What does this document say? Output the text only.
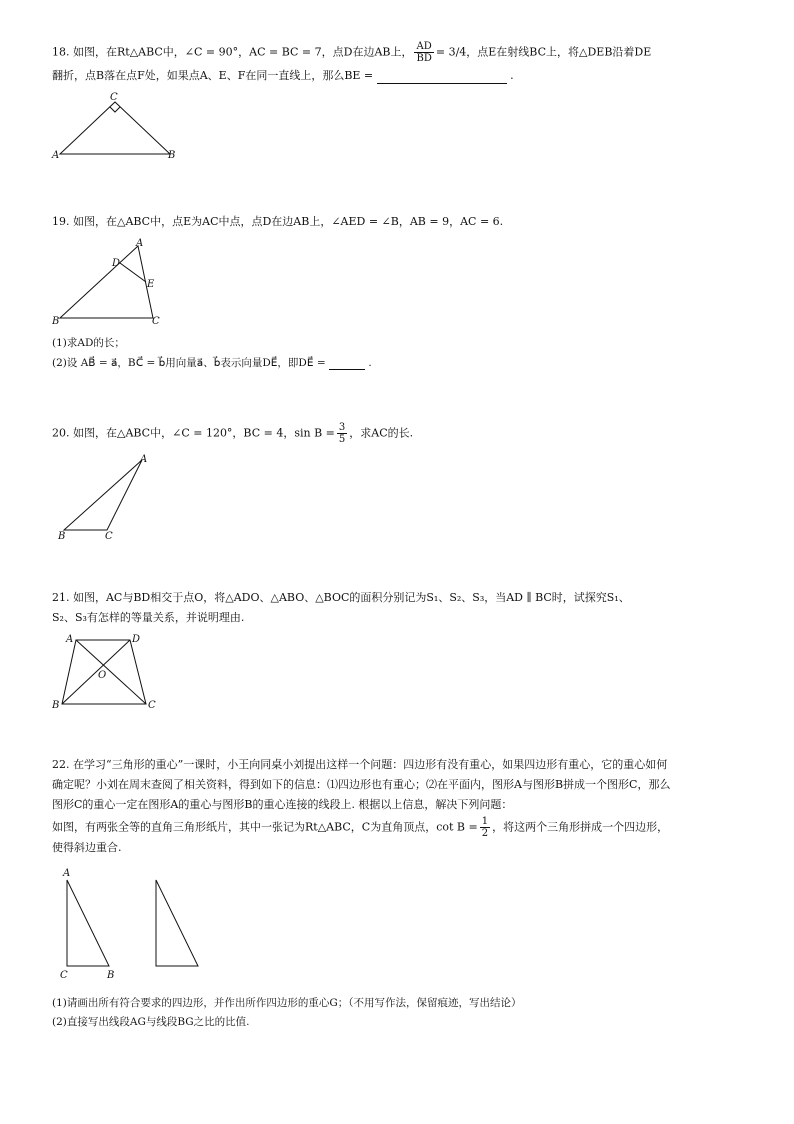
18. 如图，在Rt△ABC中，∠C = 90°，AC = BC = 7，点D在边AB上， $\frac{AD}{BD} = 3/4$，点E在射线BC上，将△DEB沿着DE
翻折，点B落在点F处，如果点A、E、F在同一直线上，那么BE =	.
C
A	B
19. 如图，在△ABC中，点E为AC中点，点D在边AB上，∠AED = ∠B，AB = 9，AC = 6.
A
D
E
B	C
(1)求AD的长；
(2)设 AB⃗ = a⃗，BC⃗ = b⃗用向量a⃗、b⃗表示向量DE⃗，即DE⃗ =	.
20. 如图，在△ABC中，∠C = 120°，BC = 4，$\sin B = \frac{3}{5}$ ，求AC的长.
A
B	C
21. 如图，AC与BD相交于点O，将△ADO、△ABO、△BOC的面积分别记为S₁、S₂、S₃，当AD ∥ BC时，试探究S₁、
S₂、S₃有怎样的等量关系，并说明理由.
A	D
O
B	C
22. 在学习“三角形的重心”一课时，小王向同桌小刘提出这样一个问题：四边形有没有重心，如果四边形有重心，它的重心如何
确定呢？小刘在周末查阅了相关资料，得到如下的信息：⑴四边形也有重心；⑵在平面内，图形A与图形B拼成一个图形C，那么
图形C的重心一定在图形A的重心与图形B的重心连接的线段上. 根据以上信息，解决下列问题：
如图，有两张全等的直角三角形纸片，其中一张记为Rt△ABC，C为直角顶点，$\cot B = \frac{1}{2}$ ，将这两个三角形拼成一个四边形，
使得斜边重合.
A
C	B
(1)请画出所有符合要求的四边形，并作出所作四边形的重心G；（不用写作法，保留痕迹，写出结论）
(2)直接写出线段AG与线段BG之比的比值.
